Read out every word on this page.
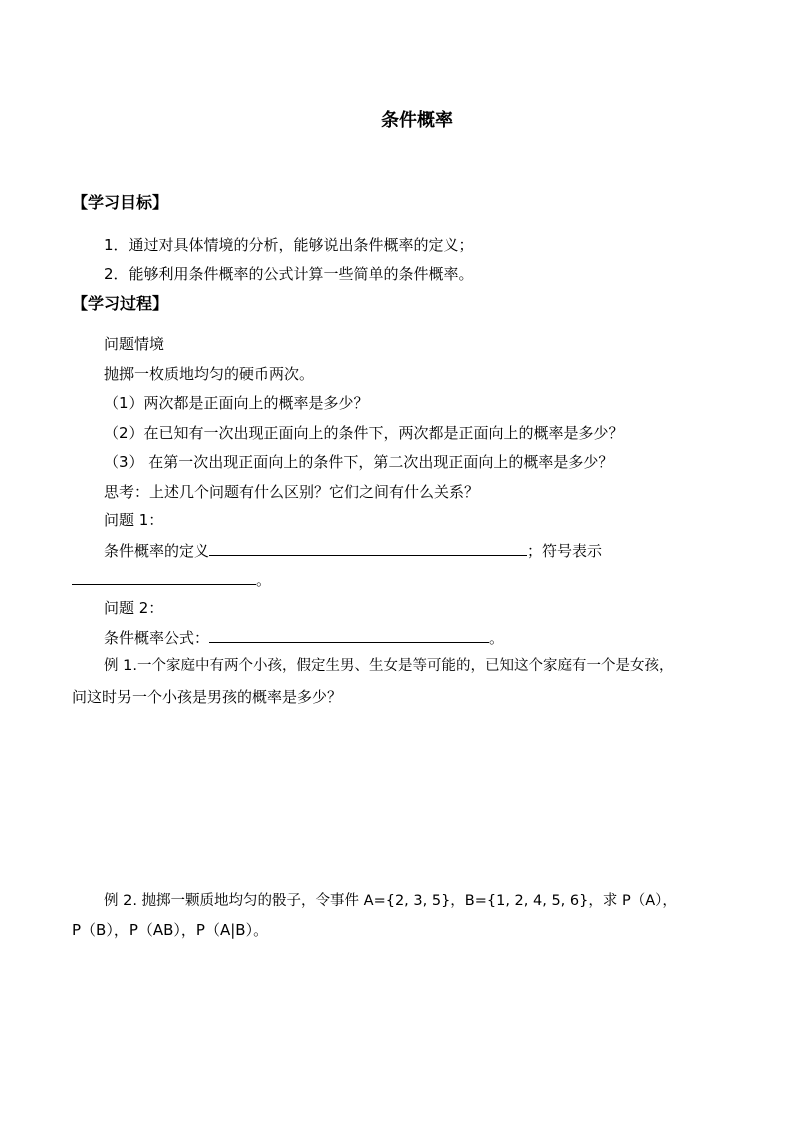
条件概率
【学习目标】
1．通过对具体情境的分析，能够说出条件概率的定义；
2．能够利用条件概率的公式计算一些简单的条件概率。
【学习过程】
问题情境
抛掷一枚质地均匀的硬币两次。
（1）两次都是正面向上的概率是多少？
（2）在已知有一次出现正面向上的条件下，两次都是正面向上的概率是多少？
（3） 在第一次出现正面向上的条件下，第二次出现正面向上的概率是多少？
思考：上述几个问题有什么区别？它们之间有什么关系？
问题 1：
条件概率的定义	；符号表示
。
问题 2：
条件概率公式：	。
例 1.一个家庭中有两个小孩，假定生男、生女是等可能的，已知这个家庭有一个是女孩，
问这时另一个小孩是男孩的概率是多少？
例 2. 抛掷一颗质地均匀的骰子，令事件 A={2, 3, 5}，B={1, 2, 4, 5, 6}，求 P（A），
P（B），P（AB），P（A|B）。
